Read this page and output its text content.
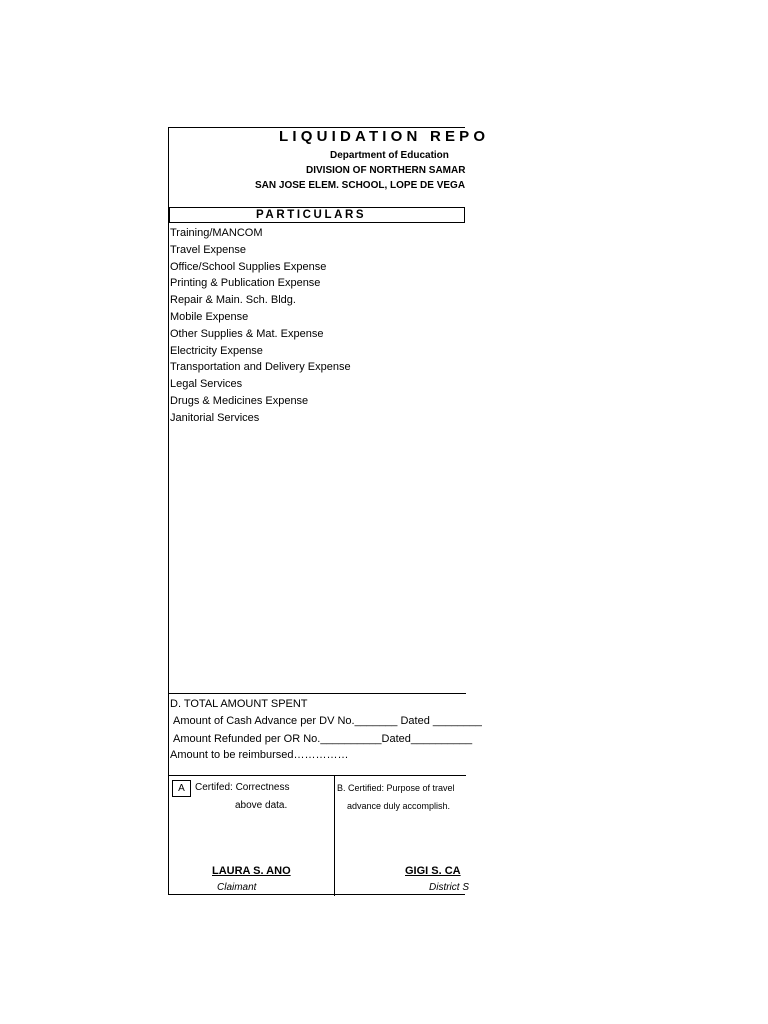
LIQUIDATION REPO
Department of Education
DIVISION OF NORTHERN SAMAR
SAN JOSE ELEM. SCHOOL, LOPE DE VEGA
PARTICULARS
Training/MANCOM
Travel Expense
Office/School Supplies Expense
Printing & Publication Expense
Repair & Main. Sch. Bldg.
Mobile Expense
Other Supplies & Mat. Expense
Electricity Expense
Transportation and Delivery Expense
Legal Services
Drugs & Medicines Expense
Janitorial Services
D. TOTAL AMOUNT SPENT
Amount of Cash Advance per DV No._______ Dated ________
Amount Refunded per OR No.__________Dated__________
Amount to be reimbursed……………
A	Certifed: Correctness
above data.
B. Certified: Purpose of travel
advance duly accomplish.
LAURA S. ANO
Claimant
GIGI S. CA
District S
